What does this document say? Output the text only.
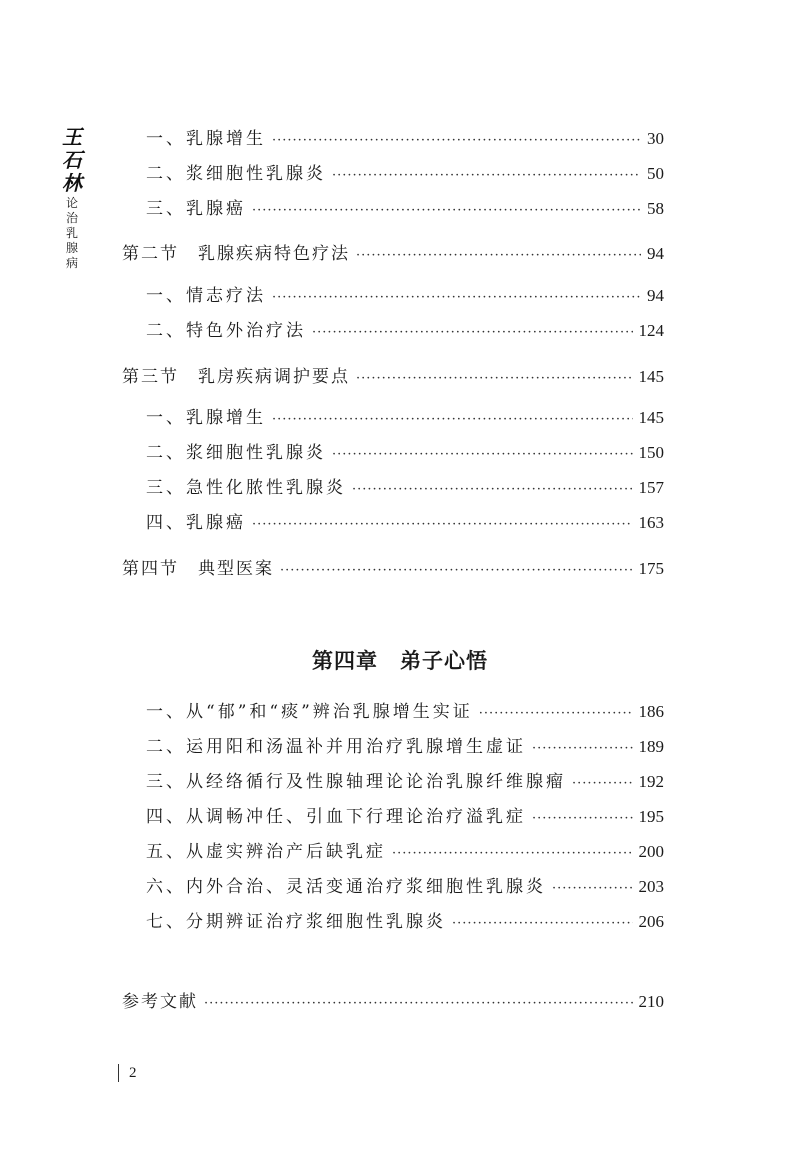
王
石
林
论
治
乳
腺
病
一、乳腺增生 ·····	30
二、浆细胞性乳腺炎 ·····	50
三、乳腺癌 ·····	58
第二节　乳腺疾病特色疗法 ·····	94
一、情志疗法 ·····	94
二、特色外治疗法 ·····	124
第三节　乳房疾病调护要点 ·····	145
一、乳腺增生 ·····	145
二、浆细胞性乳腺炎 ·····	150
三、急性化脓性乳腺炎 ·····	157
四、乳腺癌 ·····	163
第四节　典型医案 ·····	175
第四章　弟子心悟
一、从“郁”和“痰”辨治乳腺增生实证 ·····	186
二、运用阳和汤温补并用治疗乳腺增生虚证 ·····	189
三、从经络循行及性腺轴理论论治乳腺纤维腺瘤 ·····	192
四、从调畅冲任、引血下行理论治疗溢乳症 ·····	195
五、从虚实辨治产后缺乳症 ·····	200
六、内外合治、灵活变通治疗浆细胞性乳腺炎 ·····	203
七、分期辨证治疗浆细胞性乳腺炎 ·····	206
参考文献 ·····	210
2
